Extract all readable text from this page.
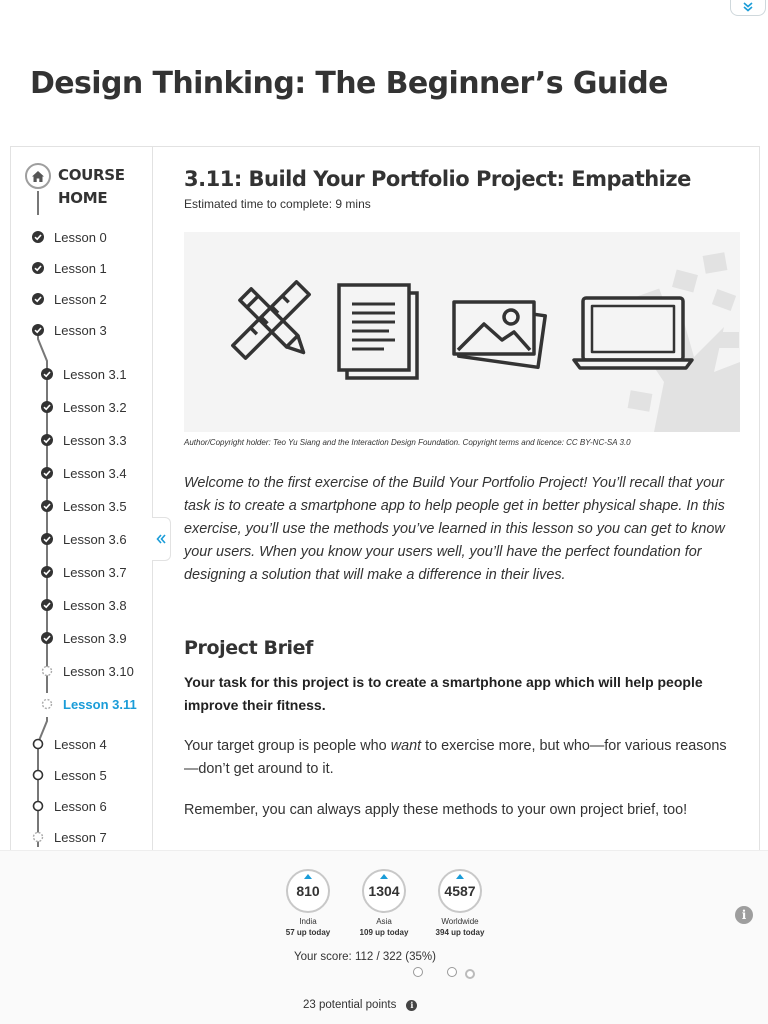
Design Thinking: The Beginner’s Guide
COURSE
HOME
Lesson 0
Lesson 1
Lesson 2
Lesson 3
Lesson 3.1
Lesson 3.2
Lesson 3.3
Lesson 3.4
Lesson 3.5
Lesson 3.6
Lesson 3.7
Lesson 3.8
Lesson 3.9
Lesson 3.10
Lesson 3.11
Lesson 4
Lesson 5
Lesson 6
Lesson 7
3.11: Build Your Portfolio Project: Empathize
Estimated time to complete: 9 mins
Author/Copyright holder: Teo Yu Siang and the Interaction Design Foundation. Copyright terms and licence: CC BY-NC-SA 3.0

Welcome to the first exercise of the Build Your Portfolio Project! You’ll recall that your task is to create a smartphone app to help people get in better physical shape. In this exercise, you’ll use the methods you’ve learned in this lesson so you can get to know your users. When you know your users well, you’ll have the perfect foundation for designing a solution that will make a difference in their lives.

Project Brief

Your task for this project is to create a smartphone app which will help people improve their fitness.

Your target group is people who want to exercise more, but who—for various reasons—don’t get around to it.

Remember, you can always apply these methods to your own project brief, too!

810
India
57 up today
1304
Asia
109 up today
4587
Worldwide
394 up today
i
Your score: 112 / 322 (35%)
23 potential points	i
